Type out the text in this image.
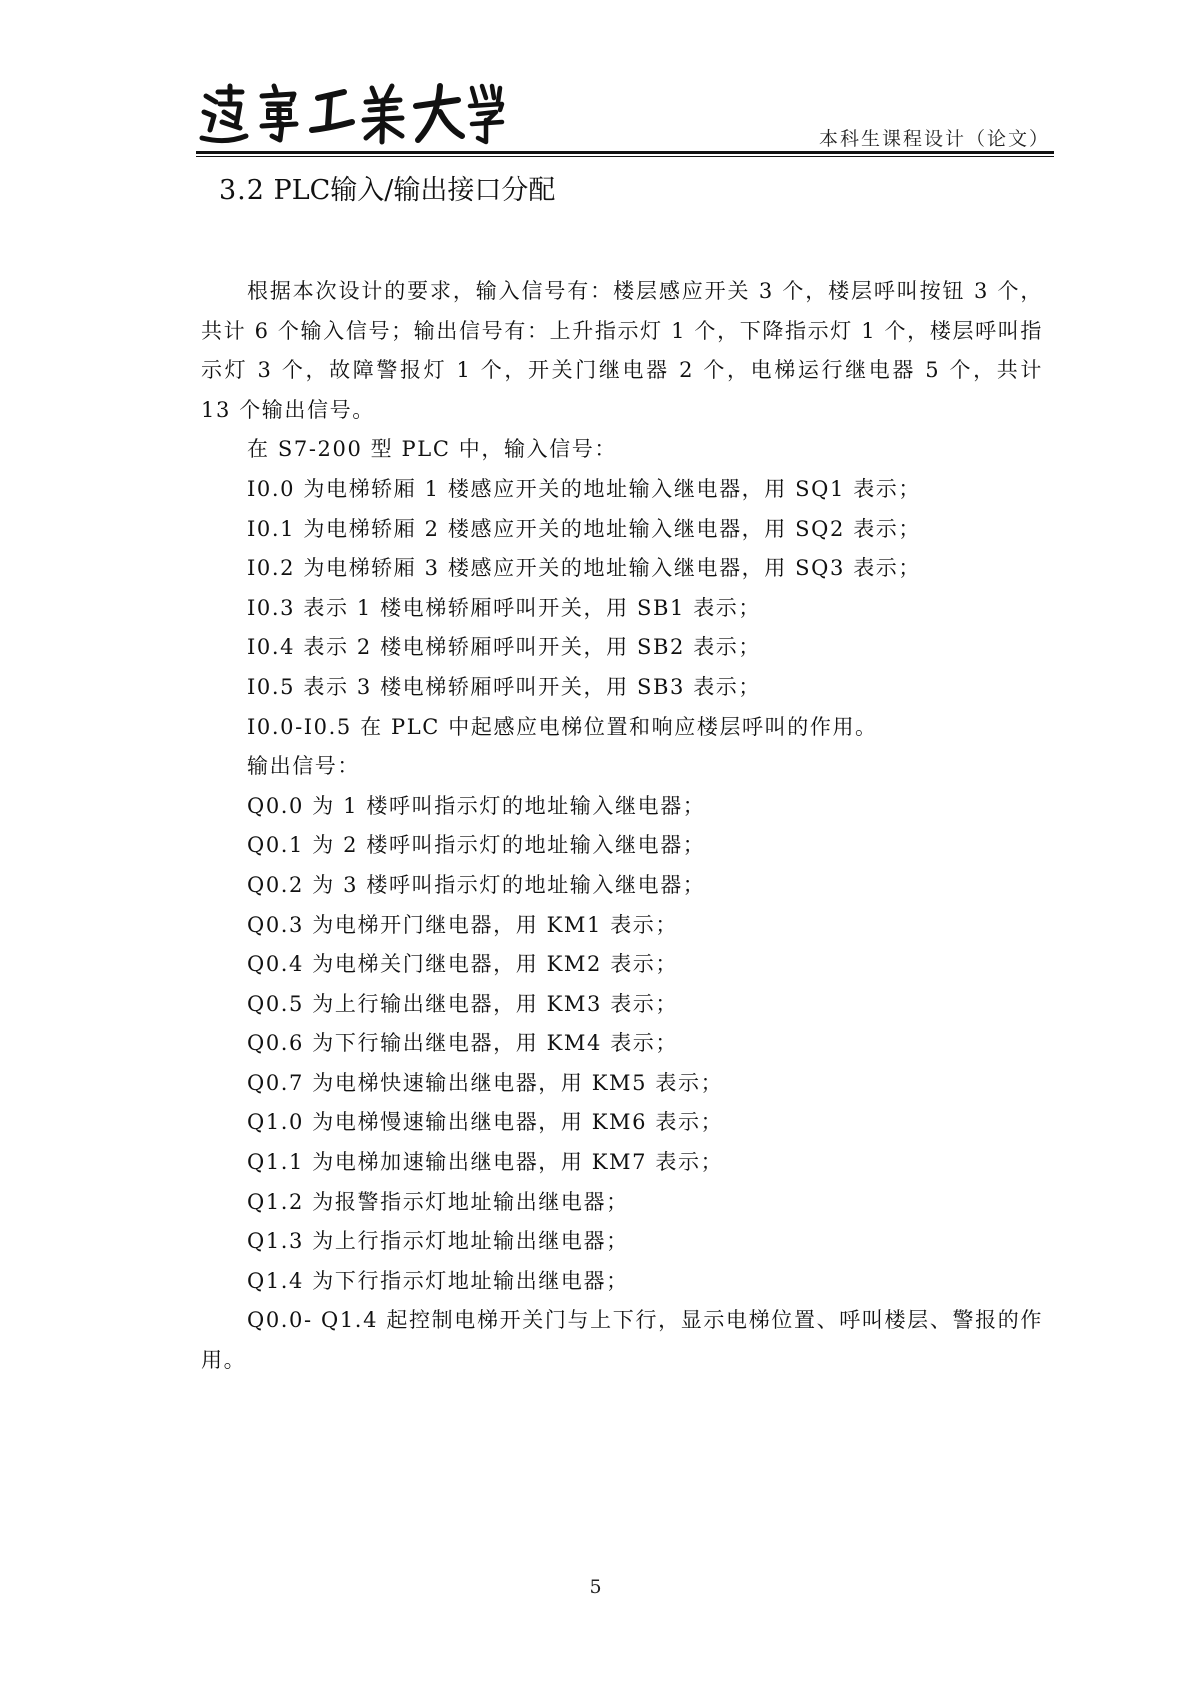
本科生课程设计（论文）
3.2 PLC输入/输出接口分配

根据本次设计的要求，输入信号有：楼层感应开关 3 个，楼层呼叫按钮 3 个，共计 6 个输入信号；输出信号有：上升指示灯 1 个，下降指示灯 1 个，楼层呼叫指示灯 3 个，故障警报灯 1 个，开关门继电器 2 个，电梯运行继电器 5 个，共计 13 个输出信号。

在 S7-200 型 PLC 中，输入信号：

I0.0 为电梯轿厢 1 楼感应开关的地址输入继电器，用 SQ1 表示；

I0.1 为电梯轿厢 2 楼感应开关的地址输入继电器，用 SQ2 表示；

I0.2 为电梯轿厢 3 楼感应开关的地址输入继电器，用 SQ3 表示；

I0.3 表示 1 楼电梯轿厢呼叫开关，用 SB1 表示；

I0.4 表示 2 楼电梯轿厢呼叫开关，用 SB2 表示；

I0.5 表示 3 楼电梯轿厢呼叫开关，用 SB3 表示；

I0.0-I0.5 在 PLC 中起感应电梯位置和响应楼层呼叫的作用。

输出信号：

Q0.0 为 1 楼呼叫指示灯的地址输入继电器；

Q0.1 为 2 楼呼叫指示灯的地址输入继电器；

Q0.2 为 3 楼呼叫指示灯的地址输入继电器；

Q0.3 为电梯开门继电器，用 KM1 表示；

Q0.4 为电梯关门继电器，用 KM2 表示；

Q0.5 为上行输出继电器，用 KM3 表示；

Q0.6 为下行输出继电器，用 KM4 表示；

Q0.7 为电梯快速输出继电器，用 KM5 表示；

Q1.0 为电梯慢速输出继电器，用 KM6 表示；

Q1.1 为电梯加速输出继电器，用 KM7 表示；

Q1.2 为报警指示灯地址输出继电器；

Q1.3 为上行指示灯地址输出继电器；

Q1.4 为下行指示灯地址输出继电器；

Q0.0- Q1.4 起控制电梯开关门与上下行，显示电梯位置、呼叫楼层、警报的作用。

5
